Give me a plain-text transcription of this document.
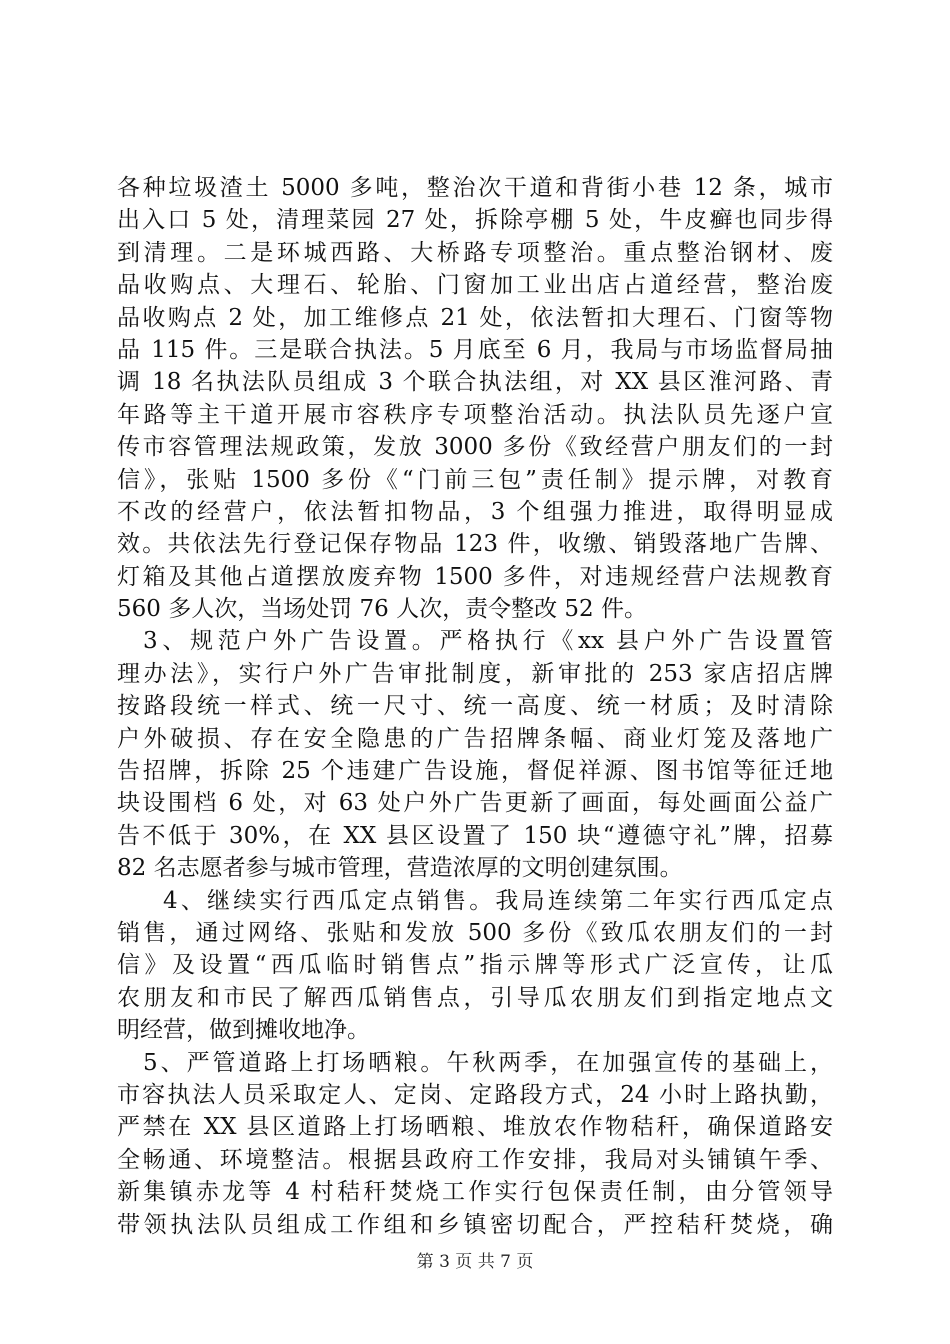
各种垃圾渣土 5000 多吨，整治次干道和背街小巷 12 条，城市
出入口 5 处，清理菜园 27 处，拆除亭棚 5 处，牛皮癣也同步得
到清理。二是环城西路、大桥路专项整治。重点整治钢材、废
品收购点、大理石、轮胎、门窗加工业出店占道经营，整治废
品收购点 2 处，加工维修点 21 处，依法暂扣大理石、门窗等物
品 115 件。三是联合执法。5 月底至 6 月，我局与市场监督局抽
调 18 名执法队员组成 3 个联合执法组，对 XX 县区淮河路、青
年路等主干道开展市容秩序专项整治活动。执法队员先逐户宣
传市容管理法规政策，发放 3000 多份《致经营户朋友们的一封
信》，张贴 1500 多份《“门前三包”责任制》提示牌，对教育
不改的经营户，依法暂扣物品，3 个组强力推进，取得明显成
效。共依法先行登记保存物品 123 件，收缴、销毁落地广告牌、
灯箱及其他占道摆放废弃物 1500 多件，对违规经营户法规教育
560 多人次，当场处罚 76 人次，责令整改 52 件。
3、规范户外广告设置。严格执行《xx 县户外广告设置管
理办法》，实行户外广告审批制度，新审批的 253 家店招店牌
按路段统一样式、统一尺寸、统一高度、统一材质；及时清除
户外破损、存在安全隐患的广告招牌条幅、商业灯笼及落地广
告招牌，拆除 25 个违建广告设施，督促祥源、图书馆等征迁地
块设围档 6 处，对 63 处户外广告更新了画面，每处画面公益广
告不低于 30%，在 XX 县区设置了 150 块“遵德守礼”牌，招募
82 名志愿者参与城市管理，营造浓厚的文明创建氛围。
4、继续实行西瓜定点销售。我局连续第二年实行西瓜定点
销售，通过网络、张贴和发放 500 多份《致瓜农朋友们的一封
信》及设置“西瓜临时销售点”指示牌等形式广泛宣传，让瓜
农朋友和市民了解西瓜销售点，引导瓜农朋友们到指定地点文
明经营，做到摊收地净。
5、严管道路上打场晒粮。午秋两季，在加强宣传的基础上，
市容执法人员采取定人、定岗、定路段方式，24 小时上路执勤，
严禁在 XX 县区道路上打场晒粮、堆放农作物秸秆，确保道路安
全畅通、环境整洁。根据县政府工作安排，我局对头铺镇午季、
新集镇赤龙等 4 村秸秆焚烧工作实行包保责任制，由分管领导
带领执法队员组成工作组和乡镇密切配合，严控秸秆焚烧，确
第 3 页 共 7 页
